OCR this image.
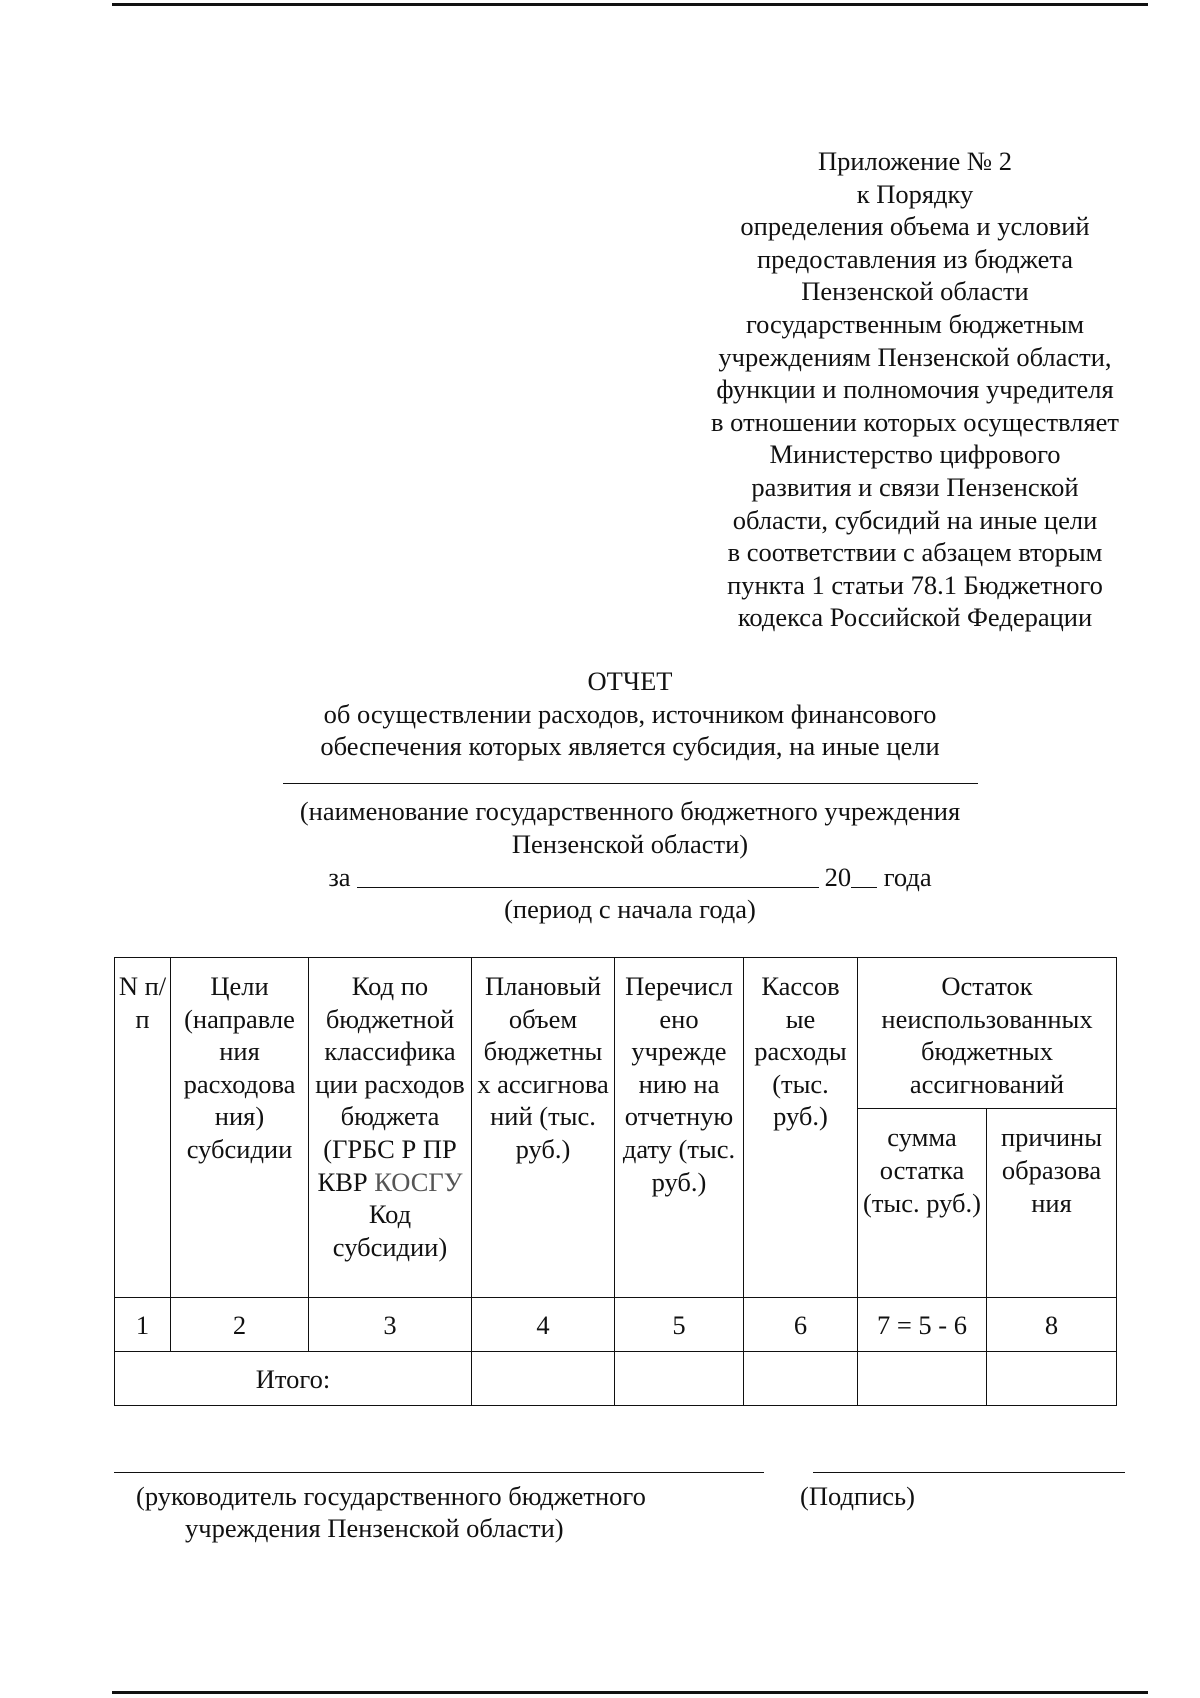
Приложение № 2
к Порядку
определения объема и условий
предоставления из бюджета
Пензенской области
государственным бюджетным
учреждениям Пензенской области,
функции и полномочия учредителя
в отношении которых осуществляет
Министерство цифрового
развития и связи Пензенской
области, субсидий на иные цели
в соответствии с абзацем вторым
пункта 1 статьи 78.1 Бюджетного
кодекса Российской Федерации
ОТЧЕТ
об осуществлении расходов, источником финансового
обеспечения которых является субсидия, на иные цели
(наименование государственного бюджетного учреждения
Пензенской области)
за	20 года
(период с начала года)
N п/п	Цели (направле ния расходова ния) субсидии	Код по бюджетной классифика ции расходов бюджета (ГРБС Р ПР КВР КОСГУ Код субсидии)	Плановый объем бюджетны х ассигнова ний (тыс. руб.)	Перечисл ено учрежде нию на отчетную дату (тыс. руб.)	Кассов ые расходы (тыс. руб.)	Остаток неиспользованных бюджетных ассигнований	
						сумма остатка (тыс. руб.)	причины образова ния
1	2	3	4	5	6	7 = 5 - 6	8
Итого:							
(руководитель государственного бюджетного
учреждения Пензенской области)
(Подпись)
